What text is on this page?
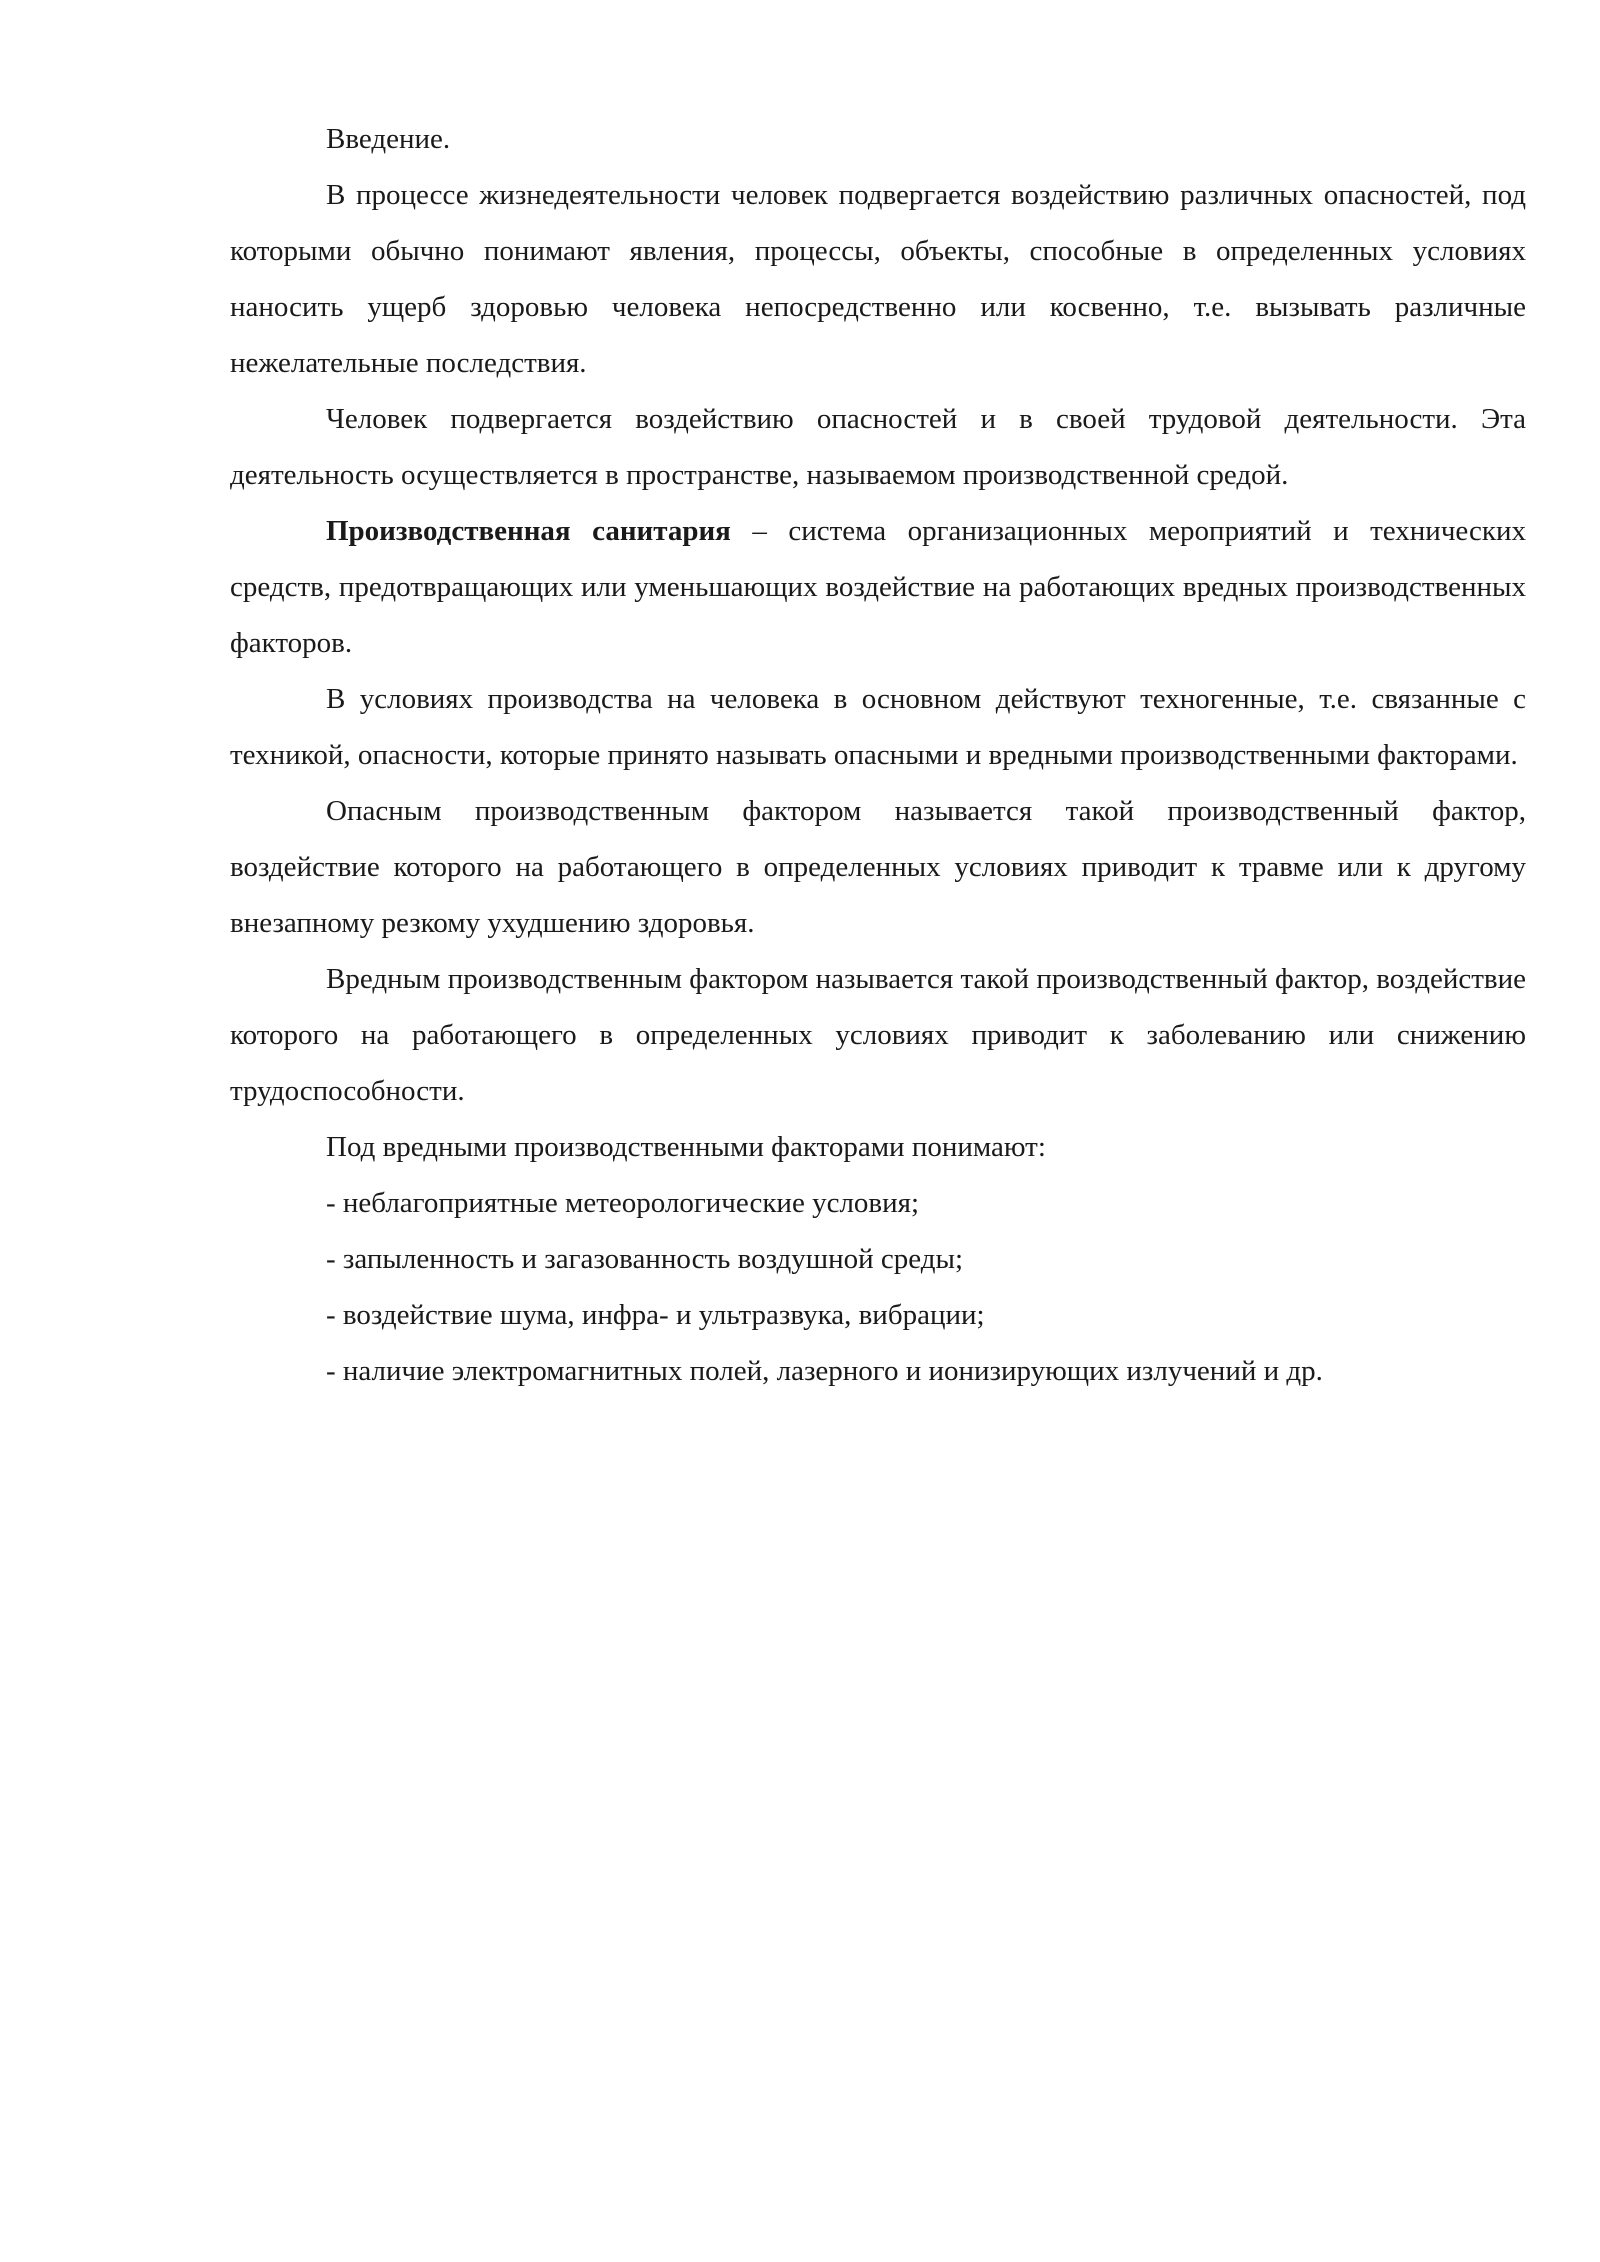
Введение.

В процессе жизнедеятельности человек подвергается воздействию различных опасностей, под которыми обычно понимают явления, процессы, объекты, способные в определенных условиях наносить ущерб здоровью человека непосредственно или косвенно, т.е. вызывать различные нежелательные последствия.

Человек подвергается воздействию опасностей и в своей трудовой деятельности. Эта деятельность осуществляется в пространстве, называемом производственной средой.

Производственная санитария – система организационных мероприятий и технических средств, предотвращающих или уменьшающих воздействие на работающих вредных производственных факторов.

В условиях производства на человека в основном действуют техногенные, т.е. связанные с техникой, опасности, которые принято называть опасными и вредными производственными факторами.

Опасным производственным фактором называется такой производственный фактор, воздействие которого на работающего в определенных условиях приводит к травме или к другому внезапному резкому ухудшению здоровья.

Вредным производственным фактором называется такой производственный фактор, воздействие которого на работающего в определенных условиях приводит к заболеванию или снижению трудоспособности.

Под вредными производственными факторами понимают:

- неблагоприятные метеорологические условия;

- запыленность и загазованность воздушной среды;

- воздействие шума, инфра- и ультразвука, вибрации;

- наличие электромагнитных полей, лазерного и ионизирующих излучений и др.
